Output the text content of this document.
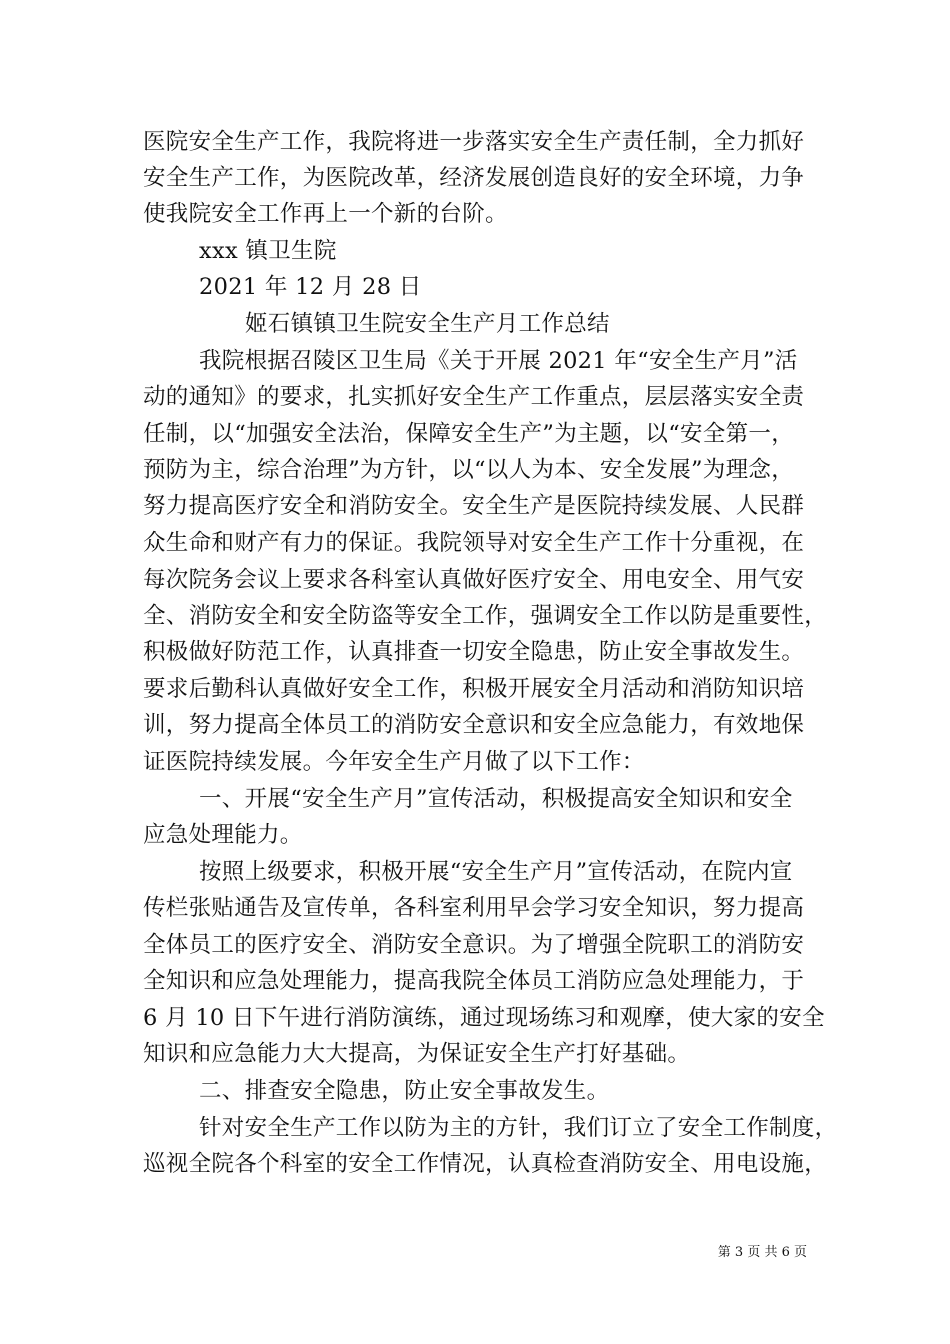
医院安全生产工作，我院将进一步落实安全生产责任制，全力抓好
安全生产工作，为医院改革，经济发展创造良好的安全环境，力争
使我院安全工作再上一个新的台阶。
xxx 镇卫生院
2021 年 12 月 28 日
姬石镇镇卫生院安全生产月工作总结
我院根据召陵区卫生局《关于开展 2021 年“安全生产月”活
动的通知》的要求，扎实抓好安全生产工作重点，层层落实安全责
任制，以“加强安全法治，保障安全生产”为主题，以“安全第一，
预防为主，综合治理”为方针，以“以人为本、安全发展”为理念，
努力提高医疗安全和消防安全。安全生产是医院持续发展、人民群
众生命和财产有力的保证。我院领导对安全生产工作十分重视，在
每次院务会议上要求各科室认真做好医疗安全、用电安全、用气安
全、消防安全和安全防盗等安全工作，强调安全工作以防是重要性，
积极做好防范工作，认真排查一切安全隐患，防止安全事故发生。
要求后勤科认真做好安全工作，积极开展安全月活动和消防知识培
训，努力提高全体员工的消防安全意识和安全应急能力，有效地保
证医院持续发展。今年安全生产月做了以下工作：
一、开展“安全生产月”宣传活动，积极提高安全知识和安全
应急处理能力。
按照上级要求，积极开展“安全生产月”宣传活动，在院内宣
传栏张贴通告及宣传单，各科室利用早会学习安全知识，努力提高
全体员工的医疗安全、消防安全意识。为了增强全院职工的消防安
全知识和应急处理能力，提高我院全体员工消防应急处理能力，于
6 月 10 日下午进行消防演练，通过现场练习和观摩，使大家的安全
知识和应急能力大大提高，为保证安全生产打好基础。
二、排查安全隐患，防止安全事故发生。
针对安全生产工作以防为主的方针，我们订立了安全工作制度，
巡视全院各个科室的安全工作情况，认真检查消防安全、用电设施，
第 3 页 共 6 页
